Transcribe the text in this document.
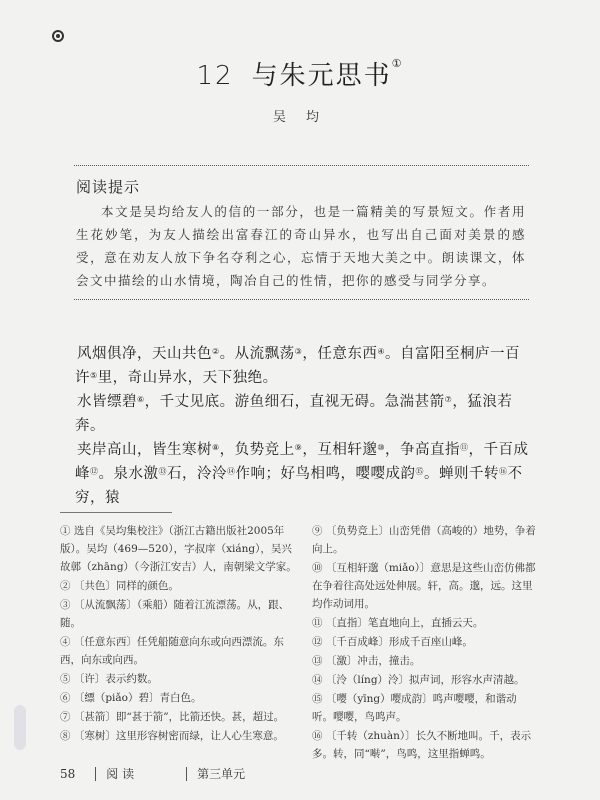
12 与朱元思书①
吴 均
阅读提示
本文是吴均给友人的信的一部分，也是一篇精美的写景短文。作者用生花妙笔，为友人描绘出富春江的奇山异水，也写出自己面对美景的感受，意在劝友人放下争名夺利之心，忘情于天地大美之中。朗读课文，体会文中描绘的山水情境，陶冶自己的性情，把你的感受与同学分享。

风烟俱净，天山共色②。从流飘荡③，任意东西④。自富阳至桐庐一百许⑤里，奇山异水，天下独绝。

水皆缥碧⑥，千丈见底。游鱼细石，直视无碍。急湍甚箭⑦，猛浪若奔。

夹岸高山，皆生寒树⑧，负势竞上⑨，互相轩邈⑩，争高直指⑪，千百成峰⑫。泉水激⑬石，泠泠⑭作响；好鸟相鸣，嘤嘤成韵⑮。蝉则千转⑯不穷，猿

① 选自《吴均集校注》（浙江古籍出版社2005年版）。吴均（469—520），字叔庠（xiáng），吴兴故鄣（zhāng）（今浙江安吉）人，南朝梁文学家。
② 〔共色〕同样的颜色。
③ 〔从流飘荡〕（乘船）随着江流漂荡。从，跟、随。
④ 〔任意东西〕任凭船随意向东或向西漂流。东西，向东或向西。
⑤ 〔许〕表示约数。
⑥ 〔缥（piǎo）碧〕青白色。
⑦ 〔甚箭〕即“甚于箭”，比箭还快。甚，超过。
⑧ 〔寒树〕这里形容树密而绿，让人心生寒意。
⑨ 〔负势竞上〕山峦凭借（高峻的）地势，争着向上。
⑩ 〔互相轩邈（miǎo）〕意思是这些山峦仿佛都在争着往高处远处伸展。轩，高。邈，远。这里均作动词用。
⑪ 〔直指〕笔直地向上，直插云天。
⑫ 〔千百成峰〕形成千百座山峰。
⑬ 〔激〕冲击，撞击。
⑭ 〔泠（líng）泠〕拟声词，形容水声清越。
⑮ 〔嘤（yīng）嘤成韵〕鸣声嘤嘤，和谐动听。嘤嘤，鸟鸣声。
⑯ 〔千转（zhuàn）〕长久不断地叫。千，表示多。转，同“啭”，鸟鸣，这里指蝉鸣。
58	阅 读	第三单元
